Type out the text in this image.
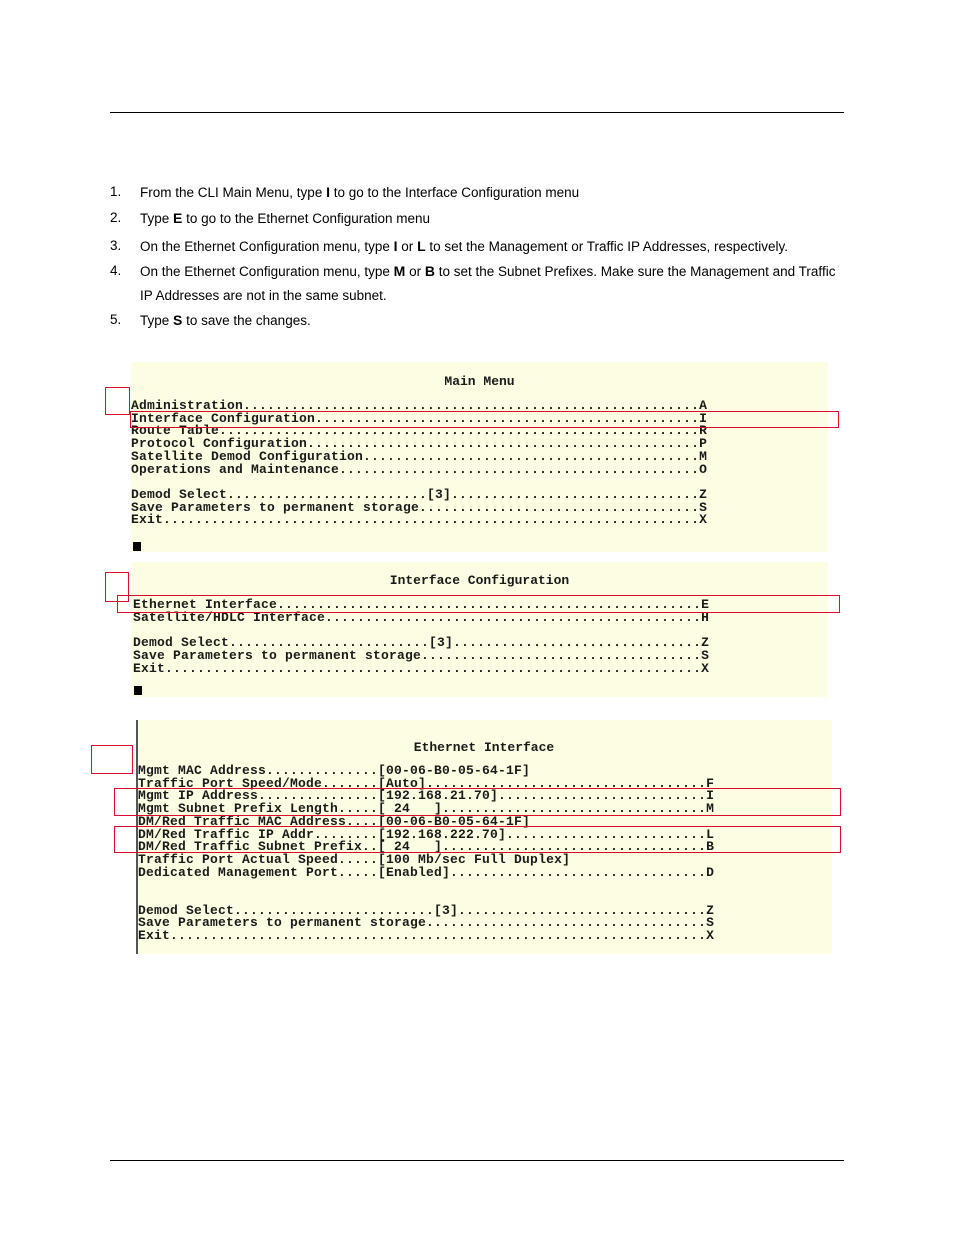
1.	From the CLI Main Menu, type I to go to the Interface Configuration menu
2.	Type E to go to the Ethernet Configuration menu
3.	On the Ethernet Configuration menu, type I or L to set the Management or Traffic IP Addresses, respectively.
4.	On the Ethernet Configuration menu, type M or B to set the Subnet Prefixes. Make sure the Management and Traffic IP Addresses are not in the same subnet.
5.	Type S to save the changes.
Main Menu
Administration.........................................................A
Interface Configuration................................................I
Route Table............................................................R
Protocol Configuration.................................................P
Satellite Demod Configuration..........................................M
Operations and Maintenance.............................................O
Demod Select.........................[3]...............................Z
Save Parameters to permanent storage...................................S
Exit...................................................................X
Interface Configuration
Ethernet Interface.....................................................E
Satellite/HDLC Interface...............................................H
Demod Select.........................[3]...............................Z
Save Parameters to permanent storage...................................S
Exit...................................................................X
Ethernet Interface
Mgmt MAC Address..............[00-06-B0-05-64-1F]
Traffic Port Speed/Mode.......[Auto]...................................F
Mgmt IP Address...............[192.168.21.70]..........................I
Mgmt Subnet Prefix Length.....[ 24   ].................................M
DM/Red Traffic MAC Address....[00-06-B0-05-64-1F]
DM/Red Traffic IP Addr........[192.168.222.70].........................L
DM/Red Traffic Subnet Prefix..[ 24   ].................................B
Traffic Port Actual Speed.....[100 Mb/sec Full Duplex]
Dedicated Management Port.....[Enabled]................................D
Demod Select.........................[3]...............................Z
Save Parameters to permanent storage...................................S
Exit...................................................................X
